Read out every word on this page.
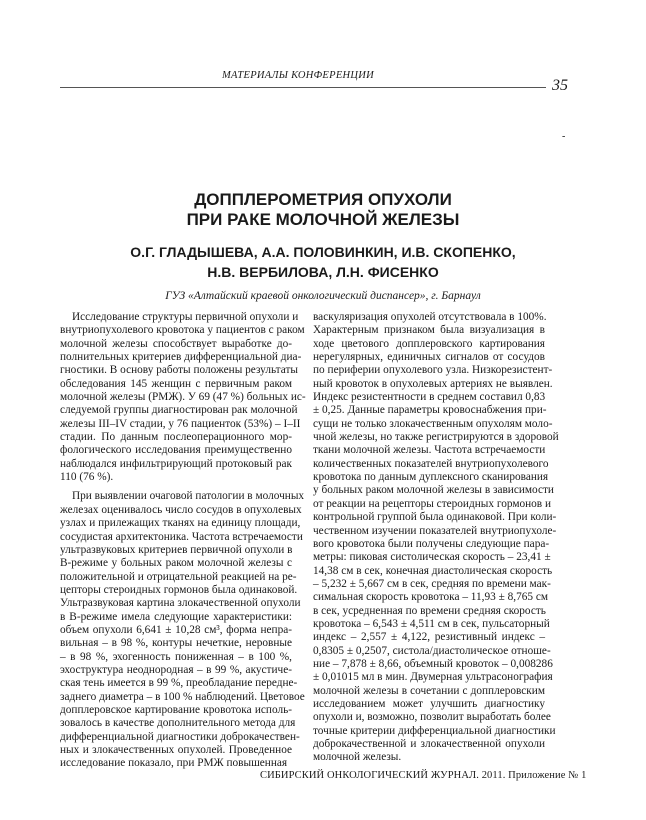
МАТЕРИАЛЫ КОНФЕРЕНЦИИ
35
-
ДОППЛЕРОМЕТРИЯ ОПУХОЛИ
ПРИ РАКЕ МОЛОЧНОЙ ЖЕЛЕЗЫ
О.Г. ГЛАДЫШЕВА, А.А. ПОЛОВИНКИН, И.В. СКОПЕНКО,
Н.В. ВЕРБИЛОВА, Л.Н. ФИСЕНКО
ГУЗ «Алтайский краевой онкологический диспансер», г. Барнаул
Исследование структуры первичной опухоли и
внутриопухолевого кровотока у пациентов с раком
молочной железы способствует выработке до-
полнительных критериев дифференциальной диа-
гностики. В основу работы положены результаты
обследования 145 женщин с первичным раком
молочной железы (РМЖ). У 69 (47 %) больных ис-
следуемой группы диагностирован рак молочной
железы III–IV стадии, у 76 пациенток (53%) – I–II
стадии. По данным послеоперационного мор-
фологического исследования преимущественно
наблюдался инфильтрирующий протоковый рак
110 (76 %).
При выявлении очаговой патологии в молочных
железах оценивалось число сосудов в опухолевых
узлах и прилежащих тканях на единицу площади,
сосудистая архитектоника. Частота встречаемости
ультразвуковых критериев первичной опухоли в
В-режиме у больных раком молочной железы с
положительной и отрицательной реакцией на ре-
цепторы стероидных гормонов была одинаковой.
Ультразвуковая картина злокачественной опухоли
в В-режиме имела следующие характеристики:
объем опухоли 6,641 ± 10,28 см³, форма непра-
вильная – в 98 %, контуры нечеткие, неровные
– в 98 %, эхогенность пониженная – в 100 %,
эхоструктура неоднородная – в 99 %, акустиче-
ская тень имеется в 99 %, преобладание передне-
заднего диаметра – в 100 % наблюдений. Цветовое
допплеровское картирование кровотока исполь-
зовалось в качестве дополнительного метода для
дифференциальной диагностики доброкачествен-
ных и злокачественных опухолей. Проведенное
исследование показало, при РМЖ повышенная
васкуляризация опухолей отсутствовала в 100%.
Характерным признаком была визуализация в
ходе цветового допплеровского картирования
нерегулярных, единичных сигналов от сосудов
по периферии опухолевого узла. Низкорезистент-
ный кровоток в опухолевых артериях не выявлен.
Индекс резистентности в среднем составил 0,83
± 0,25. Данные параметры кровоснабжения при-
сущи не только злокачественным опухолям моло-
чной железы, но также регистрируются в здоровой
ткани молочной железы. Частота встречаемости
количественных показателей внутриопухолевого
кровотока по данным дуплексного сканирования
у больных раком молочной железы в зависимости
от реакции на рецепторы стероидных гормонов и
контрольной группой была одинаковой. При коли-
чественном изучении показателей внутриопухоле-
вого кровотока были получены следующие пара-
метры: пиковая систолическая скорость – 23,41 ±
14,38 см в сек, конечная диастолическая скорость
– 5,232 ± 5,667 см в сек, средняя по времени мак-
симальная скорость кровотока – 11,93 ± 8,765 см
в сек, усредненная по времени средняя скорость
кровотока – 6,543 ± 4,511 см в сек, пульсаторный
индекс – 2,557 ± 4,122, резистивный индекс –
0,8305 ± 0,2507, систола/диастолическое отноше-
ние – 7,878 ± 8,66, объемный кровоток – 0,008286
± 0,01015 мл в мин. Двумерная ультрасонография
молочной железы в сочетании с допплеровским
исследованием может улучшить диагностику
опухоли и, возможно, позволит выработать более
точные критерии дифференциальной диагностики
доброкачественной и злокачественной опухоли
молочной железы.
СИБИРСКИЙ ОНКОЛОГИЧЕСКИЙ ЖУРНАЛ. 2011. Приложение № 1
